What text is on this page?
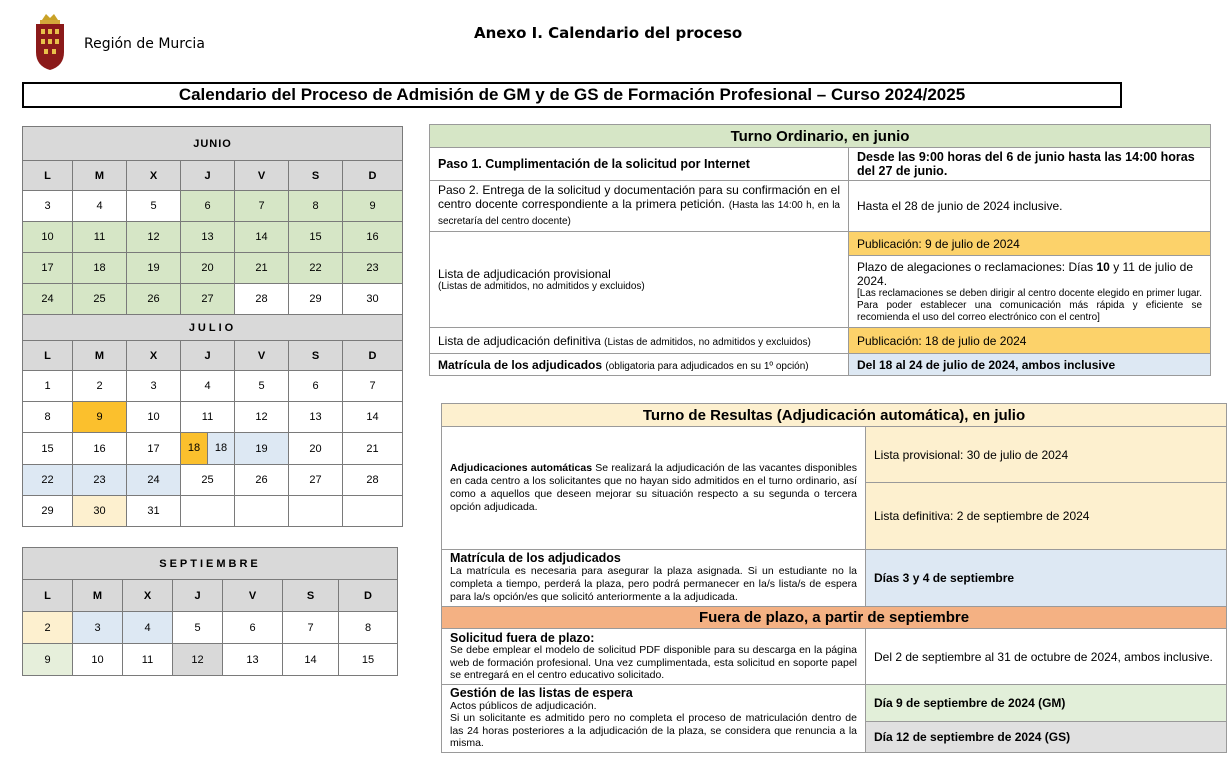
Región de Murcia
Anexo I. Calendario del proceso
Calendario del Proceso de Admisión de GM y de GS de Formación Profesional – Curso 2024/2025
JUNIO						
L	M	X	J	V	S	D
3	4	5	6	7	8	9
10	11	12	13	14	15	16
17	18	19	20	21	22	23
24	25	26	27	28	29	30
JULIO						
L	M	X	J	V	S	D
1	2	3	4	5	6	7
8	9	10	11	12	13	14
15	16	17	18 18	19	20	21
22	23	24	25	26	27	28
29	30	31				
SEPTIEMBRE						
L	M	X	J	V	S	D
2	3	4	5	6	7	8
9	10	11	12	13	14	15
Turno Ordinario, en junio	
Paso 1. Cumplimentación de la solicitud por Internet	Desde las 9:00 horas del 6 de junio hasta las 14:00 horas del 27 de junio.
Paso 2. Entrega de la solicitud y documentación para su confirmación en el centro docente correspondiente a la primera petición. (Hasta las 14:00 h, en la secretaría del centro docente)	Hasta el 28 de junio de 2024 inclusive.

Lista de adjudicación provisional
(Listas de admitidos, no admitidos y excluidos)	Publicación: 9 de julio de 2024
	Plazo de alegaciones o reclamaciones: Días 10 y 11 de julio de 2024.
[Las reclamaciones se deben dirigir al centro docente elegido en primer lugar. Para poder establecer una comunicación más rápida y eficiente se recomienda el uso del correo electrónico con el centro]

Lista de adjudicación definitiva (Listas de admitidos, no admitidos y excluidos)	Publicación: 18 de julio de 2024
Matrícula de los adjudicados (obligatoria para adjudicados en su 1º opción)	Del 18 al 24 de julio de 2024, ambos inclusive
Turno de Resultas (Adjudicación automática), en julio	
Adjudicaciones automáticas Se realizará la adjudicación de las vacantes disponibles en cada centro a los solicitantes que no hayan sido admitidos en el turno ordinario, así como a aquellos que deseen mejorar su situación respecto a su segunda o tercera opción adjudicada.	Lista provisional: 30 de julio de 2024
	Lista definitiva: 2 de septiembre de 2024

Matrícula de los adjudicados
La matrícula es necesaria para asegurar la plaza asignada. Si un estudiante no la completa a tiempo, perderá la plaza, pero podrá permanecer en la/s lista/s de espera para la/s opción/es que solicitó anteriormente a la adjudicada.	Días 3 y 4 de septiembre
Fuera de plazo, a partir de septiembre	

Solicitud fuera de plazo:
Se debe emplear el modelo de solicitud PDF disponible para su descarga en la página web de formación profesional. Una vez cumplimentada, esta solicitud en soporte papel se entregará en el centro educativo solicitado.	Del 2 de septiembre al 31 de octubre de 2024, ambos inclusive.

Gestión de las listas de espera
Actos públicos de adjudicación.
Si un solicitante es admitido pero no completa el proceso de matriculación dentro de las 24 horas posteriores a la adjudicación de la plaza, se considera que renuncia a la misma.	Día 9 de septiembre de 2024 (GM)
	Día 12 de septiembre de 2024 (GS)
